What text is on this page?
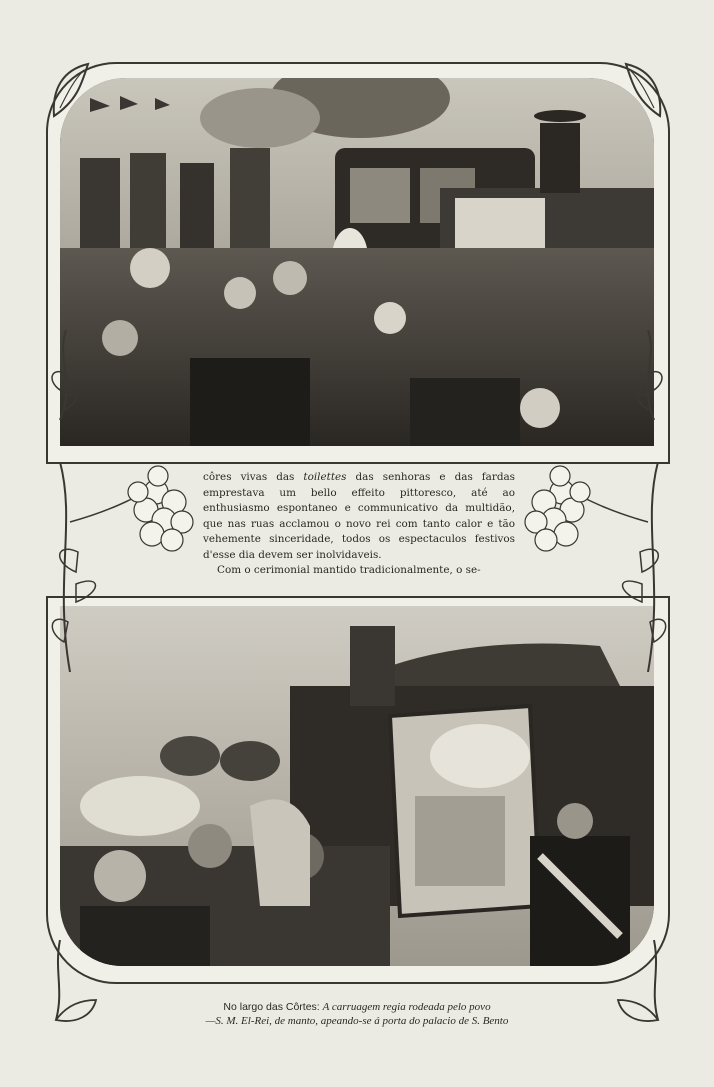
côres vivas das toilettes das senhoras e das fardas emprestava um bello effeito pittoresco, até ao enthusiasmo espontaneo e communicativo da multidão, que nas ruas acclamou o novo rei com tanto calor e tão vehemente sinceridade, todos os espectaculos festivos d'esse dia devem ser inolvidaveis.

Com o cerimonial mantido tradicionalmente, o se-

No largo das Côrtes: A carruagem regia rodeada pelo povo
—S. M. El-Rei, de manto, apeando-se á porta do palacio de S. Bento
